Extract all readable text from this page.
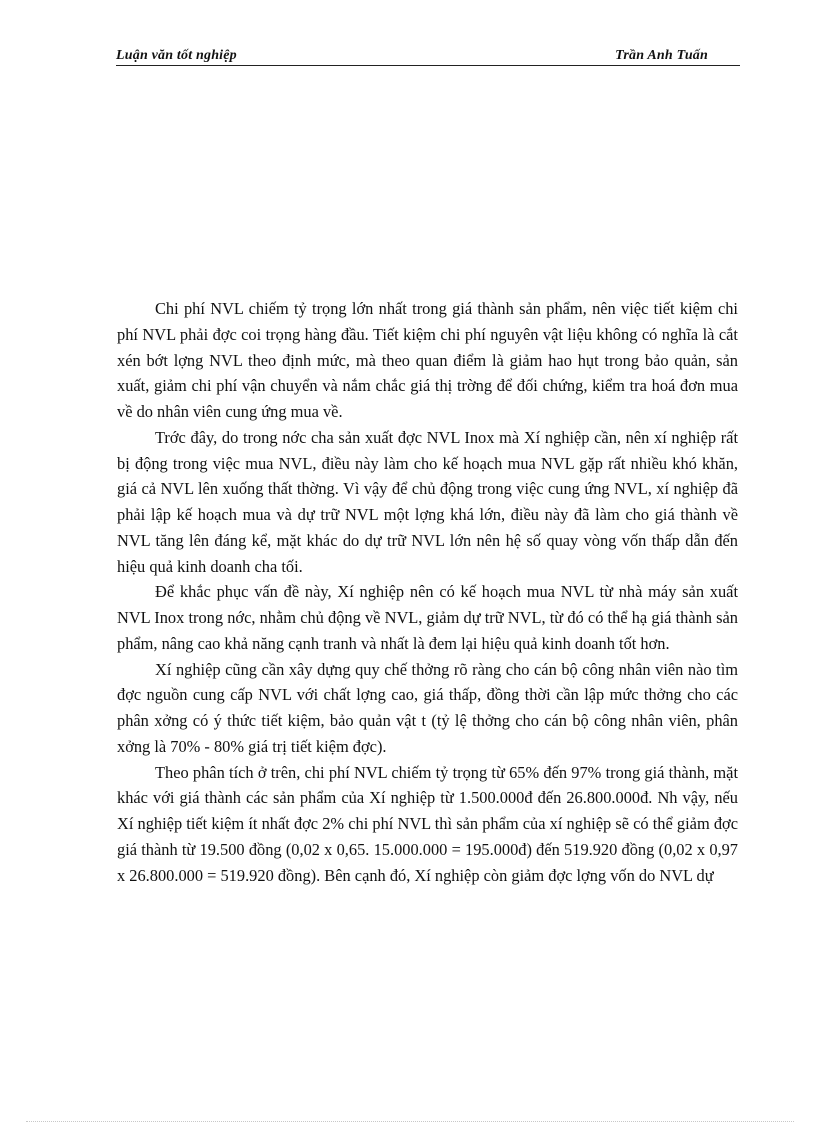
Luận văn tốt nghiệp	Trần Anh Tuấn

Chi phí NVL chiếm tỷ trọng lớn nhất trong giá thành sản phẩm, nên việc tiết kiệm chi phí NVL phải đợc coi trọng hàng đầu. Tiết kiệm chi phí nguyên vật liệu không có nghĩa là cắt xén bớt lợng NVL theo định mức, mà theo quan điểm là giảm hao hụt trong bảo quản, sản xuất, giảm chi phí vận chuyển và nắm chắc giá thị trờng để đối chứng, kiểm tra hoá đơn mua về do nhân viên cung ứng mua về.

Trớc đây, do trong nớc cha sản xuất đợc NVL Inox mà Xí nghiệp cần, nên xí nghiệp rất bị động trong việc mua NVL, điều này làm cho kế hoạch mua NVL gặp rất nhiều khó khăn, giá cả NVL lên xuống thất thờng. Vì vậy để chủ động trong việc cung ứng NVL, xí nghiệp đã phải lập kế hoạch mua và dự trữ NVL một lợng khá lớn, điều này đã làm cho giá thành về NVL tăng lên đáng kể, mặt khác do dự trữ NVL lớn nên hệ số quay vòng vốn thấp dẫn đến hiệu quả kinh doanh cha tối.

Để khắc phục vấn đề này, Xí nghiệp nên có kế hoạch mua NVL từ nhà máy sản xuất NVL Inox trong nớc, nhằm chủ động về NVL, giảm dự trữ NVL, từ đó có thể hạ giá thành sản phẩm, nâng cao khả năng cạnh tranh và nhất là đem lại hiệu quả kinh doanh tốt hơn.

Xí nghiệp cũng cần xây dựng quy chế thởng rõ ràng cho cán bộ công nhân viên nào tìm đợc nguồn cung cấp NVL với chất lợng cao, giá thấp, đồng thời cần lập mức thởng cho các phân xởng có ý thức tiết kiệm, bảo quản vật t (tỷ lệ thởng cho cán bộ công nhân viên, phân xởng là 70% - 80% giá trị tiết kiệm đợc).

Theo phân tích ở trên, chi phí NVL chiếm tỷ trọng từ 65% đến 97% trong giá thành, mặt khác với giá thành các sản phẩm của Xí nghiệp từ 1.500.000đ đến 26.800.000đ. Nh vậy, nếu Xí nghiệp tiết kiệm ít nhất đợc 2% chi phí NVL thì sản phẩm của xí nghiệp sẽ có thể giảm đợc giá thành từ 19.500 đồng (0,02 x 0,65. 15.000.000 = 195.000đ) đến 519.920 đồng (0,02 x 0,97 x 26.800.000 = 519.920 đồng). Bên cạnh đó, Xí nghiệp còn giảm đợc lợng vốn do NVL dự
